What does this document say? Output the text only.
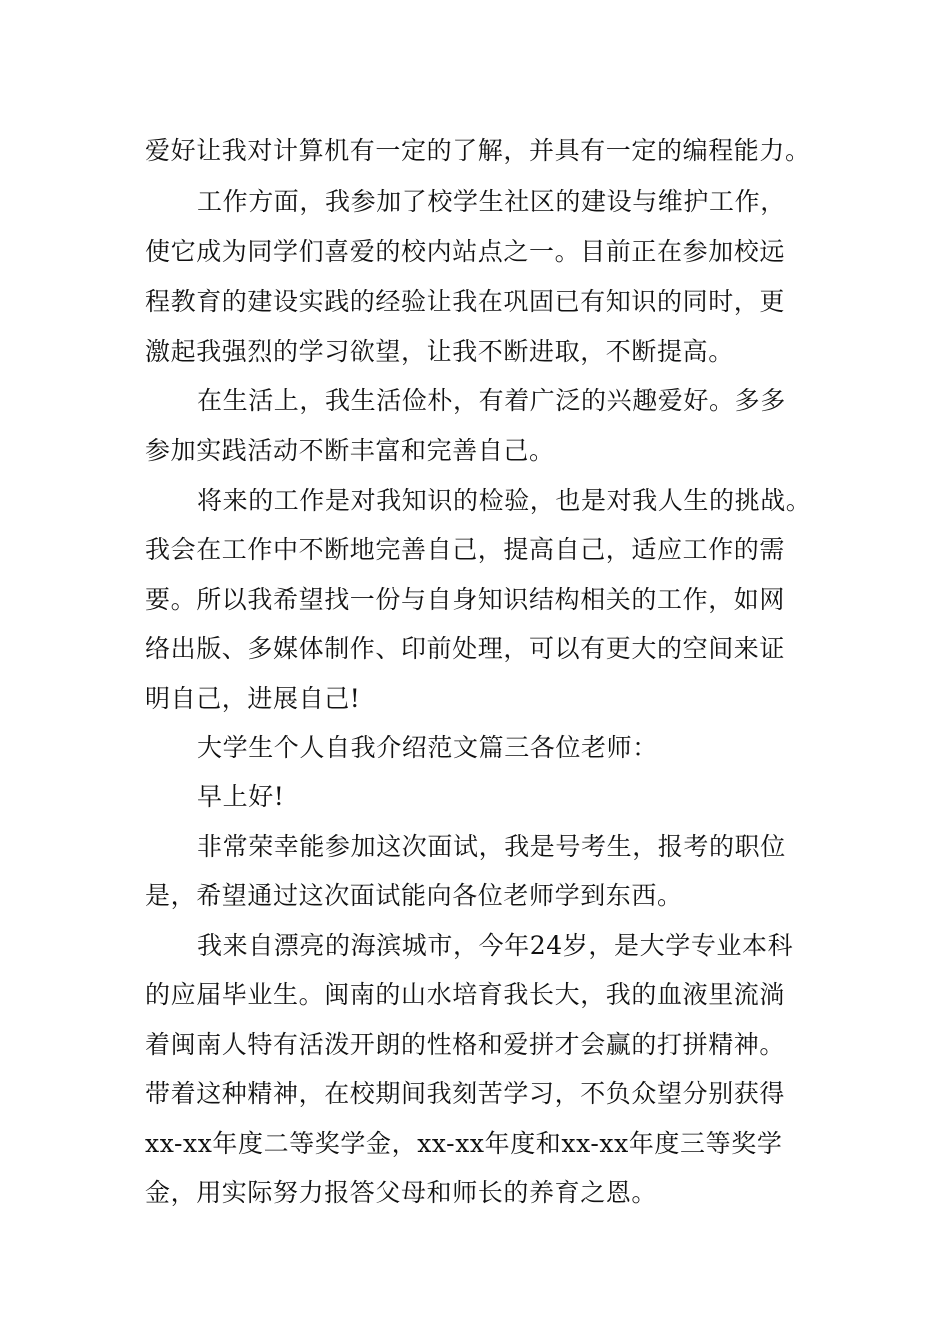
爱好让我对计算机有一定的了解，并具有一定的编程能力。
工作方面，我参加了校学生社区的建设与维护工作，
使它成为同学们喜爱的校内站点之一。目前正在参加校远
程教育的建设实践的经验让我在巩固已有知识的同时，更
激起我强烈的学习欲望，让我不断进取，不断提高。
在生活上，我生活俭朴，有着广泛的兴趣爱好。多多
参加实践活动不断丰富和完善自己。
将来的工作是对我知识的检验，也是对我人生的挑战。
我会在工作中不断地完善自己，提高自己，适应工作的需
要。所以我希望找一份与自身知识结构相关的工作，如网
络出版、多媒体制作、印前处理，可以有更大的空间来证
明自己，进展自己!
大学生个人自我介绍范文篇三各位老师：
早上好!
非常荣幸能参加这次面试，我是号考生，报考的职位
是，希望通过这次面试能向各位老师学到东西。
我来自漂亮的海滨城市，今年24岁，是大学专业本科
的应届毕业生。闽南的山水培育我长大，我的血液里流淌
着闽南人特有活泼开朗的性格和爱拼才会赢的打拼精神。
带着这种精神，在校期间我刻苦学习，不负众望分别获得
xx-xx年度二等奖学金，xx-xx年度和xx-xx年度三等奖学
金，用实际努力报答父母和师长的养育之恩。
